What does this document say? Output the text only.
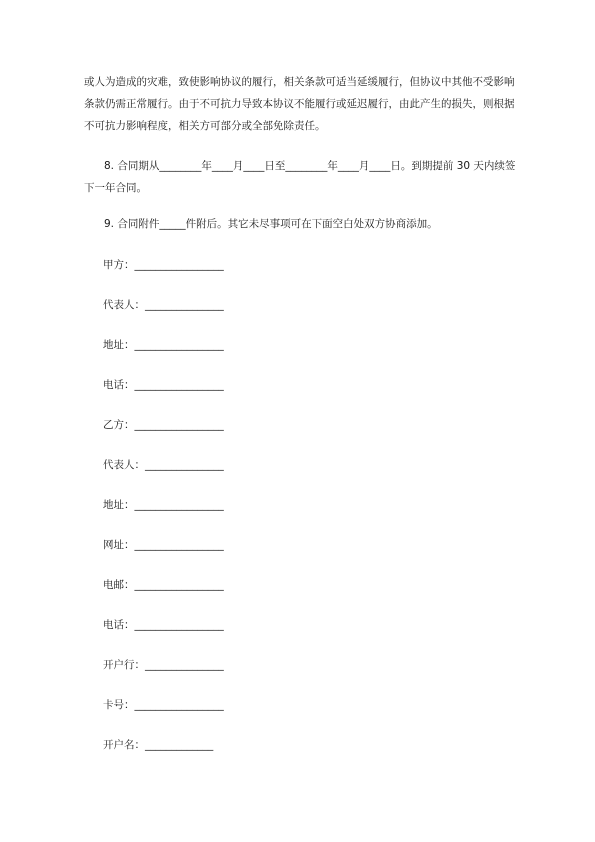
或人为造成的灾难，致使影响协议的履行，相关条款可适当延缓履行，但协议中其他不受影响条款仍需正常履行。由于不可抗力导致本协议不能履行或延迟履行，由此产生的损失，则根据不可抗力影响程度，相关方可部分或全部免除责任。

8. 合同期从________年____月____日至________年____月____日。到期提前 30 天内续签下一年合同。

9. 合同附件_____件附后。其它未尽事项可在下面空白处双方协商添加。

甲方：_________________
代表人：_______________
地址：_________________
电话：_________________
乙方：_________________
代表人：_______________
地址：_________________
网址：_________________
电邮：_________________
电话：_________________
开户行：_______________
卡号：_________________
开户名：_____________
